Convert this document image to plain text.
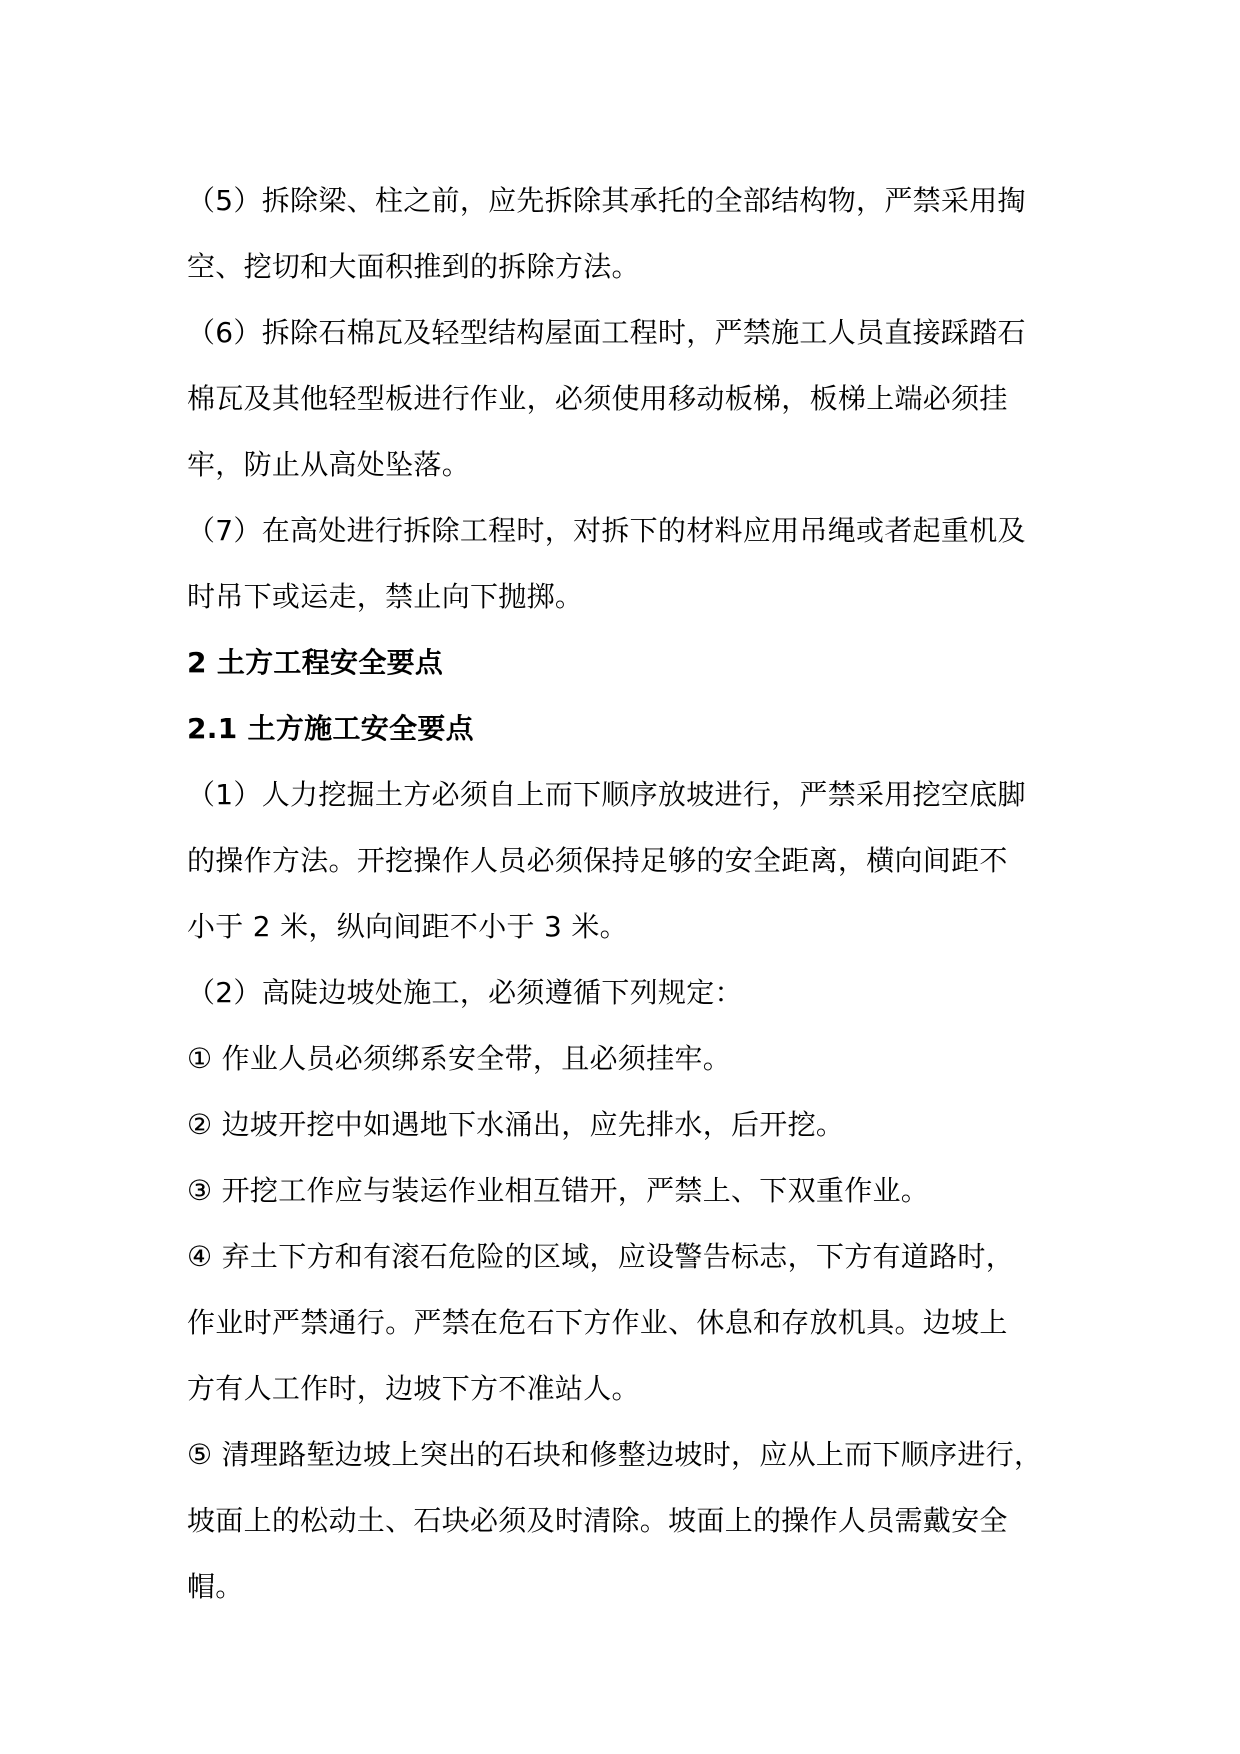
（5）拆除梁、柱之前，应先拆除其承托的全部结构物，严禁采用掏
空、挖切和大面积推到的拆除方法。
（6）拆除石棉瓦及轻型结构屋面工程时，严禁施工人员直接踩踏石
棉瓦及其他轻型板进行作业，必须使用移动板梯，板梯上端必须挂
牢，防止从高处坠落。
（7）在高处进行拆除工程时，对拆下的材料应用吊绳或者起重机及
时吊下或运走，禁止向下抛掷。
2 土方工程安全要点
2.1 土方施工安全要点
（1）人力挖掘土方必须自上而下顺序放坡进行，严禁采用挖空底脚
的操作方法。开挖操作人员必须保持足够的安全距离，横向间距不
小于 2 米，纵向间距不小于 3 米。
（2）高陡边坡处施工，必须遵循下列规定：
① 作业人员必须绑系安全带，且必须挂牢。
② 边坡开挖中如遇地下水涌出，应先排水，后开挖。
③ 开挖工作应与装运作业相互错开，严禁上、下双重作业。
④ 弃土下方和有滚石危险的区域，应设警告标志，下方有道路时，
作业时严禁通行。严禁在危石下方作业、休息和存放机具。边坡上
方有人工作时，边坡下方不准站人。
⑤ 清理路堑边坡上突出的石块和修整边坡时，应从上而下顺序进行，
坡面上的松动土、石块必须及时清除。坡面上的操作人员需戴安全
帽。
